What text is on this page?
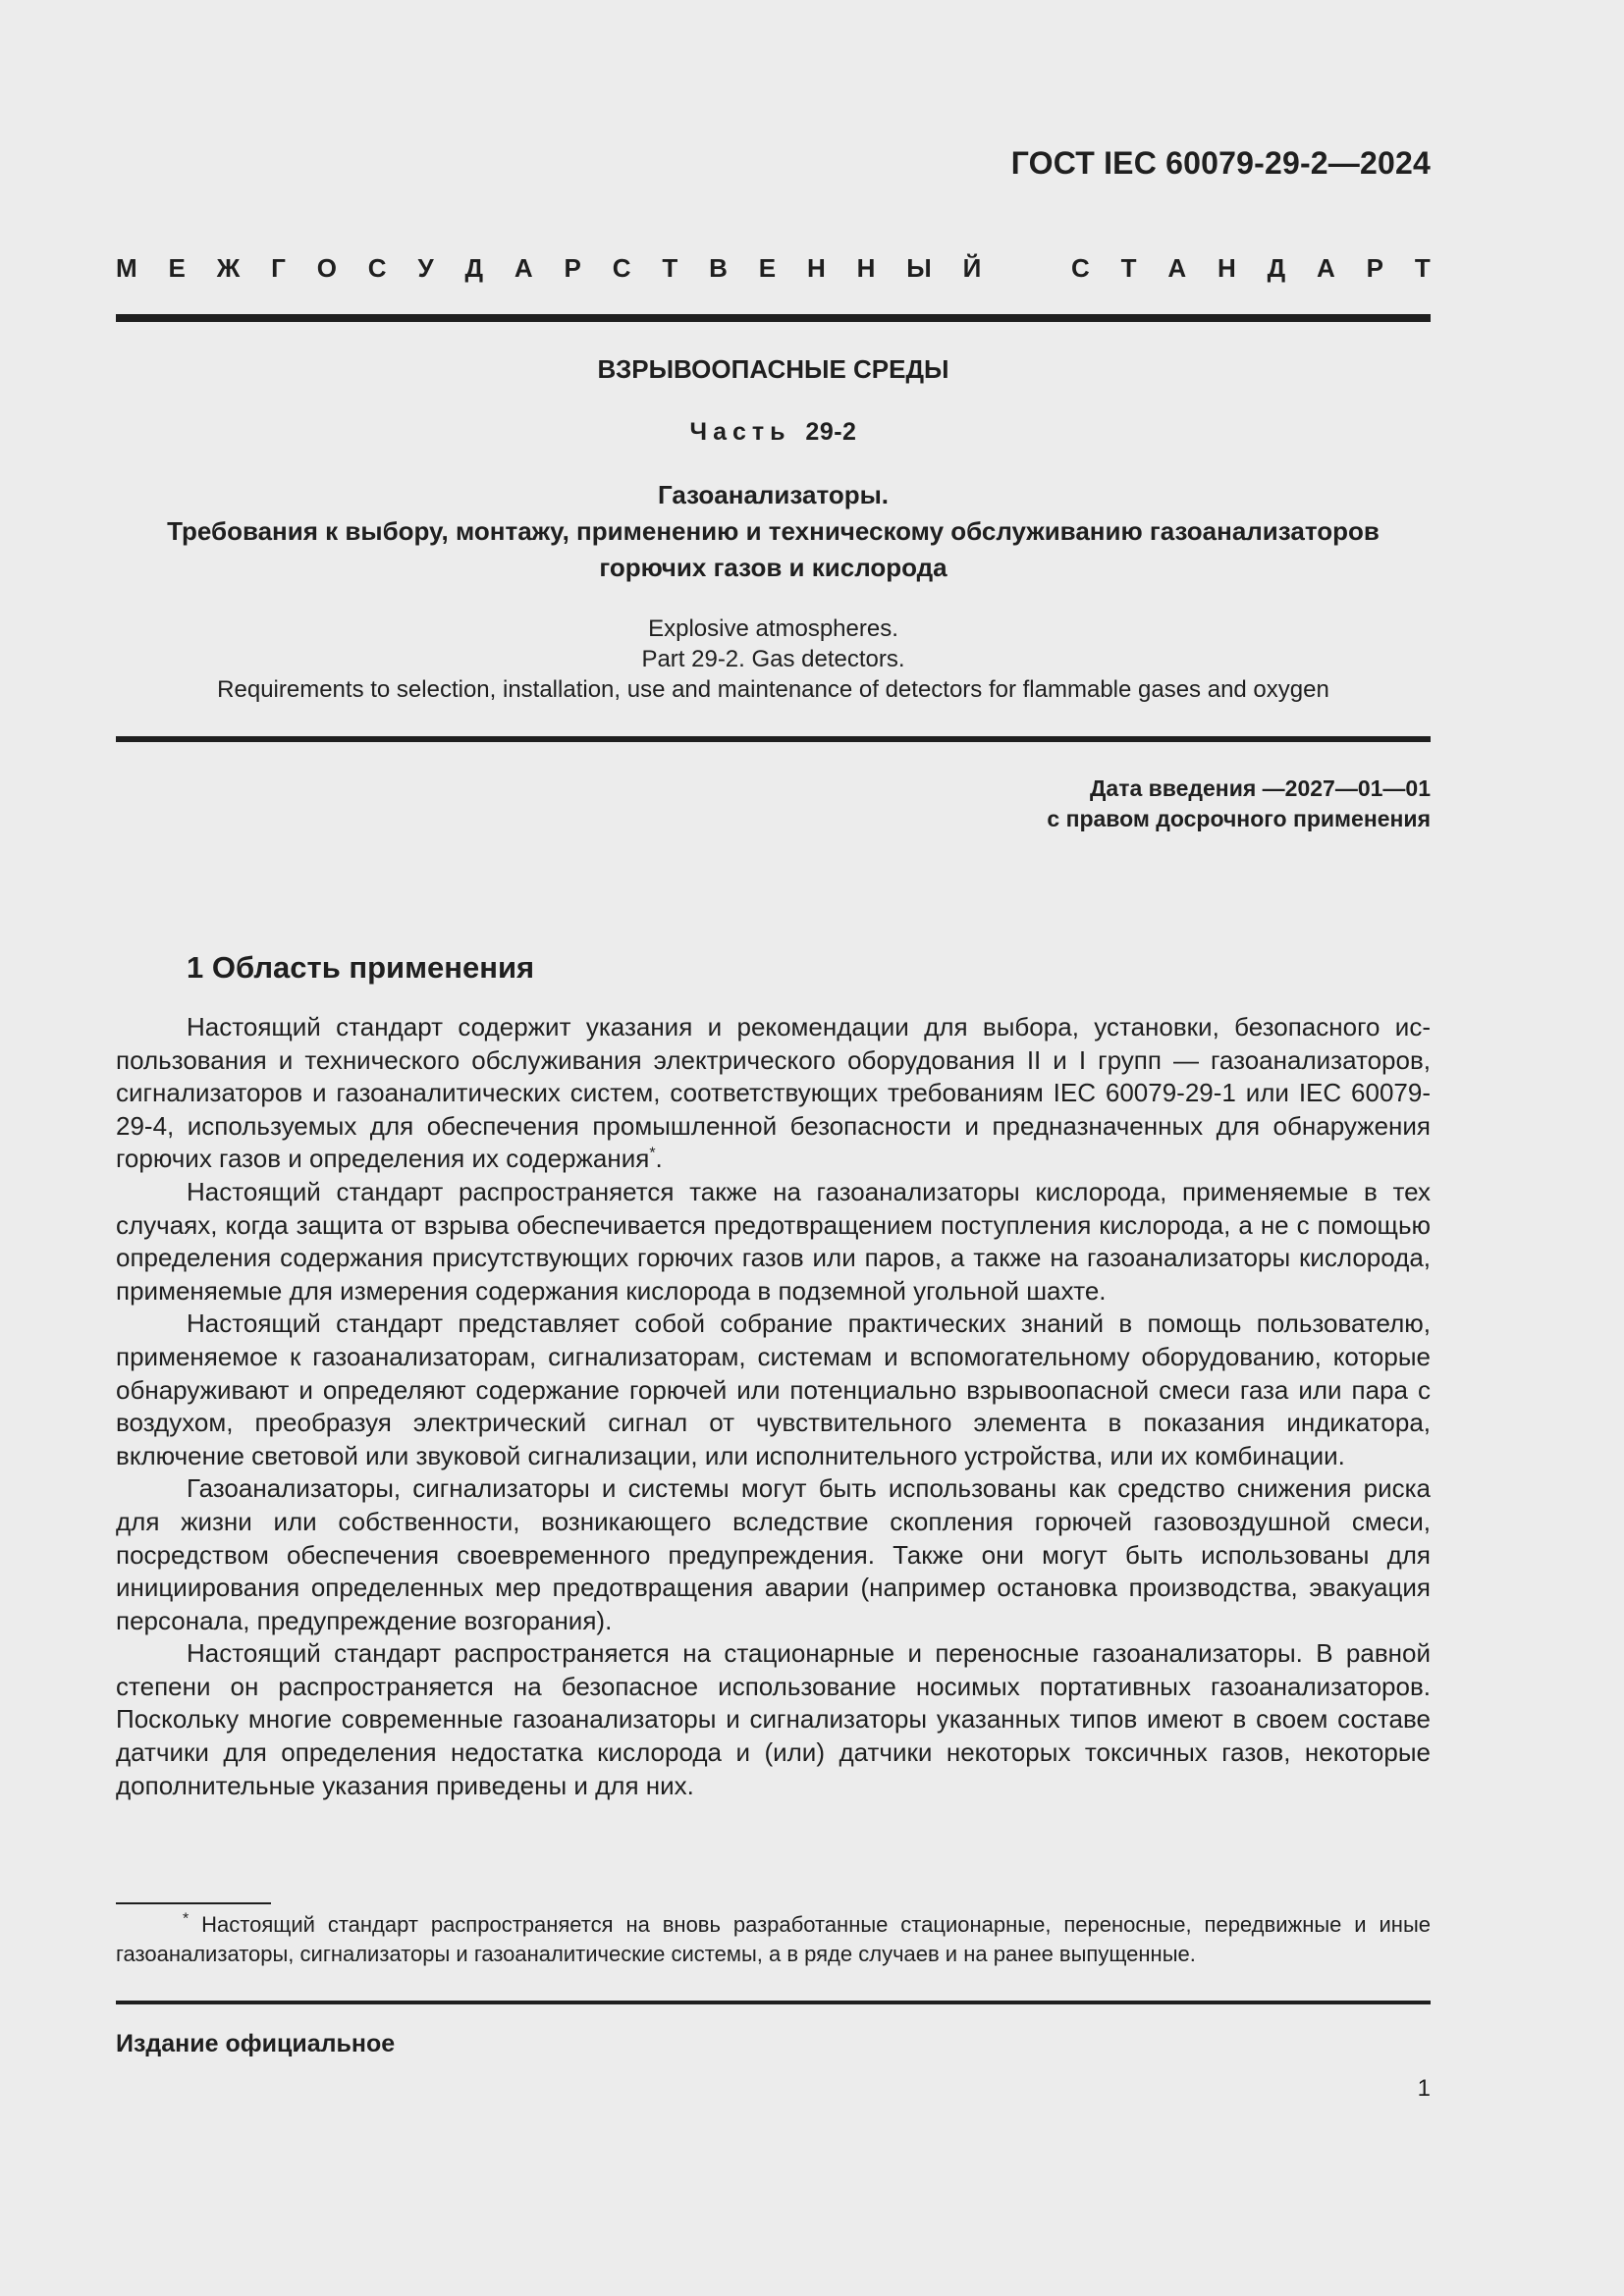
ГОСТ IEC 60079-29-2—2024
М Е Ж Г О С У Д А Р С Т В Е Н Н Ы Й	С Т А Н Д А Р Т

ВЗРЫВООПАСНЫЕ СРЕДЫ

Часть 29-2

Газоанализаторы.
Требования к выбору, монтажу, применению и техническому обслуживанию газоанализаторов
горючих газов и кислорода

Explosive atmospheres.
Part 29-2. Gas detectors.
Requirements to selection, installation, use and maintenance of detectors for flammable gases and oxygen

Дата введения —2027—01—01
с правом досрочного применения
1 Область применения

Настоящий стандарт содержит указания и рекомендации для выбора, установки, безопасного использования и технического обслуживания электрического оборудования II и I групп — газоанализаторов, сигнализаторов и газоаналитических систем, соответствующих требованиям IEC 60079-29-1 или IEC 60079-29-4, используемых для обеспечения промышленной безопасности и предназначенных для обнаружения горючих газов и определения их содержания*.

Настоящий стандарт распространяется также на газоанализаторы кислорода, применяемые в тех случаях, когда защита от взрыва обеспечивается предотвращением поступления кислорода, а не с помощью определения содержания присутствующих горючих газов или паров, а также на газоанализаторы кислорода, применяемые для измерения содержания кислорода в подземной угольной шахте.

Настоящий стандарт представляет собой собрание практических знаний в помощь пользователю, применяемое к газоанализаторам, сигнализаторам, системам и вспомогательному оборудованию, которые обнаруживают и определяют содержание горючей или потенциально взрывоопасной смеси газа или пара с воздухом, преобразуя электрический сигнал от чувствительного элемента в показания индикатора, включение световой или звуковой сигнализации, или исполнительного устройства, или их комбинации.

Газоанализаторы, сигнализаторы и системы могут быть использованы как средство снижения риска для жизни или собственности, возникающего вследствие скопления горючей газовоздушной смеси, посредством обеспечения своевременного предупреждения. Также они могут быть использованы для инициирования определенных мер предотвращения аварии (например остановка производства, эвакуация персонала, предупреждение возгорания).

Настоящий стандарт распространяется на стационарные и переносные газоанализаторы. В равной степени он распространяется на безопасное использование носимых портативных газоанализаторов. Поскольку многие современные газоанализаторы и сигнализаторы указанных типов имеют в своем составе датчики для определения недостатка кислорода и (или) датчики некоторых токсичных газов, некоторые дополнительные указания приведены и для них.

* Настоящий стандарт распространяется на вновь разработанные стационарные, переносные, передвижные и иные газоанализаторы, сигнализаторы и газоаналитические системы, а в ряде случаев и на ранее выпущенные.

Издание официальное
1
